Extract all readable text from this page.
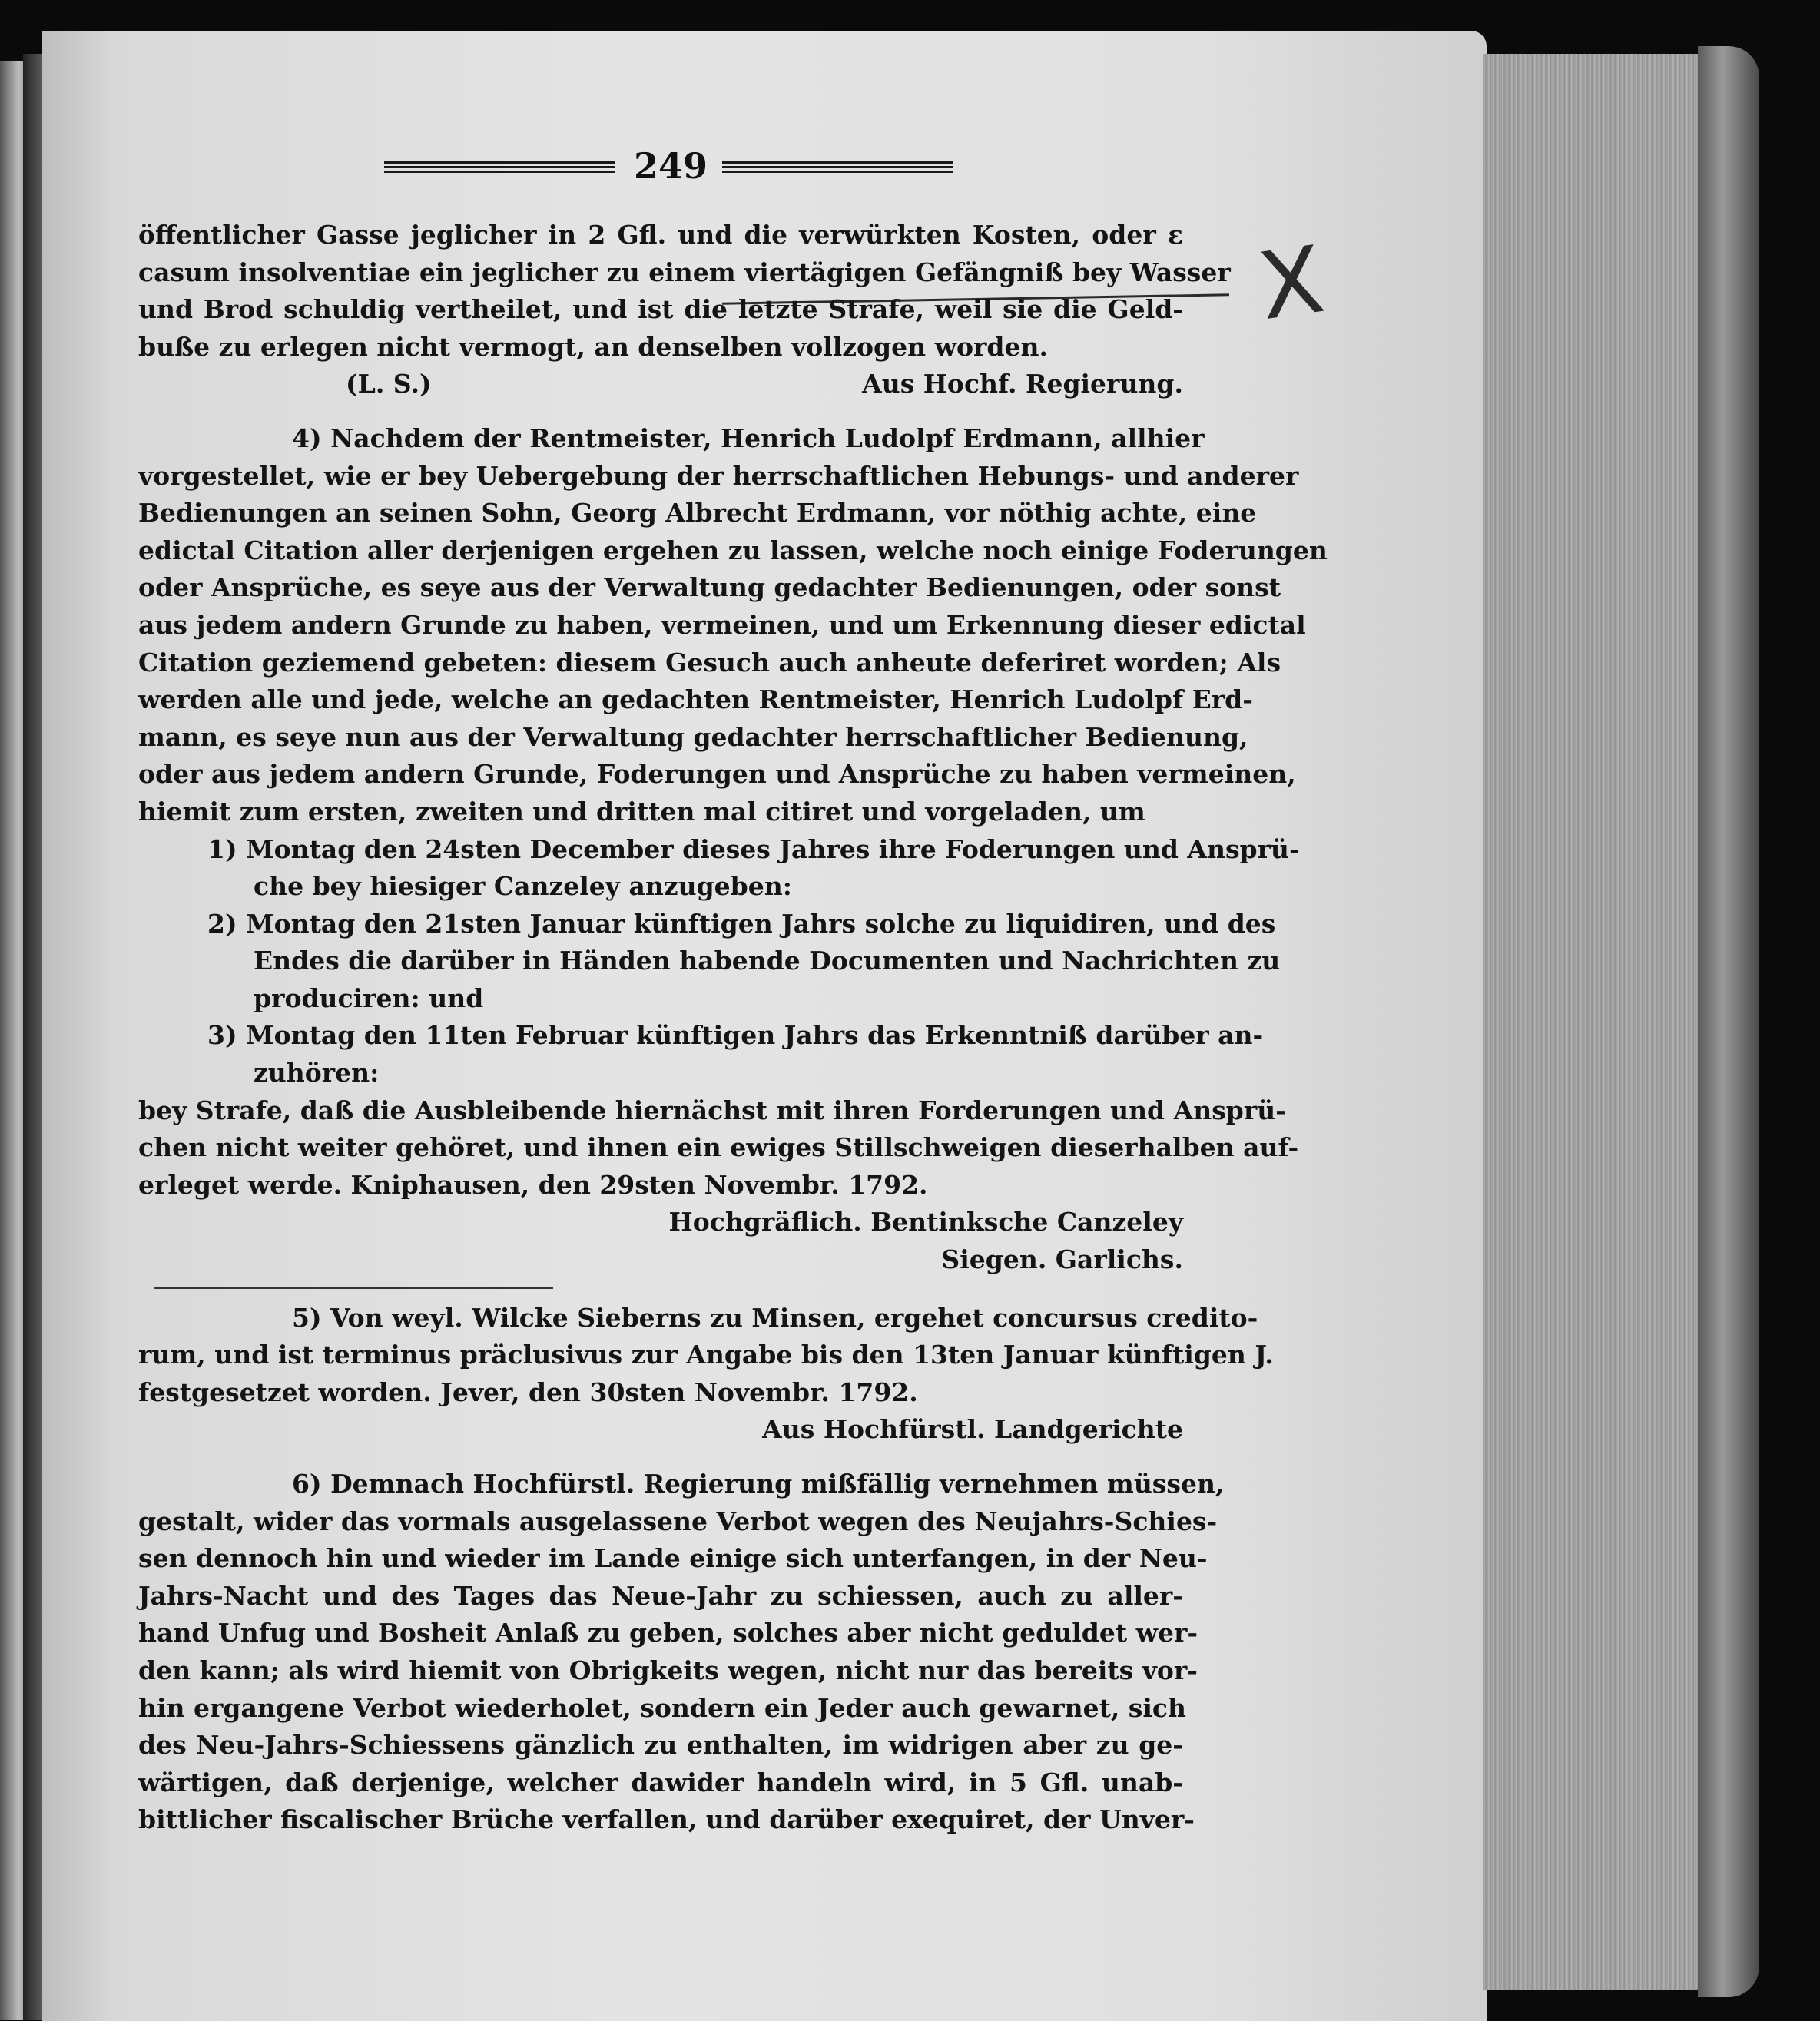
249
X
öffentlicher Gasse jeglicher in 2 Gfl. und die verwürkten Kosten, oder ɛ
casum insolventiae ein jeglicher zu einem viertägigen Gefängniß bey Wasser
und Brod schuldig vertheilet, und ist die letzte Strafe, weil sie die Geld-
buße zu erlegen nicht vermogt, an denselben vollzogen worden.
(L. S.)	Aus Hochf. Regierung.
4) Nachdem der Rentmeister, Henrich Ludolpf Erdmann, allhier
vorgestellet, wie er bey Uebergebung der herrschaftlichen Hebungs- und anderer
Bedienungen an seinen Sohn, Georg Albrecht Erdmann, vor nöthig achte, eine
edictal Citation aller derjenigen ergehen zu lassen, welche noch einige Foderungen
oder Ansprüche, es seye aus der Verwaltung gedachter Bedienungen, oder sonst
aus jedem andern Grunde zu haben, vermeinen, und um Erkennung dieser edictal
Citation geziemend gebeten: diesem Gesuch auch anheute deferiret worden; Als
werden alle und jede, welche an gedachten Rentmeister, Henrich Ludolpf Erd-
mann, es seye nun aus der Verwaltung gedachter herrschaftlicher Bedienung,
oder aus jedem andern Grunde, Foderungen und Ansprüche zu haben vermeinen,
hiemit zum ersten, zweiten und dritten mal citiret und vorgeladen, um
1) Montag den 24sten December dieses Jahres ihre Foderungen und Ansprü-
che bey hiesiger Canzeley anzugeben:
2) Montag den 21sten Januar künftigen Jahrs solche zu liquidiren, und des
Endes die darüber in Händen habende Documenten und Nachrichten zu
produciren: und
3) Montag den 11ten Februar künftigen Jahrs das Erkenntniß darüber an-
zuhören:
bey Strafe, daß die Ausbleibende hiernächst mit ihren Forderungen und Ansprü-
chen nicht weiter gehöret, und ihnen ein ewiges Stillschweigen dieserhalben auf-
erleget werde. Kniphausen, den 29sten Novembr. 1792.
Hochgräflich. Bentinksche Canzeley
Siegen. Garlichs.
5) Von weyl. Wilcke Sieberns zu Minsen, ergehet concursus credito-
rum, und ist terminus präclusivus zur Angabe bis den 13ten Januar künftigen J.
festgesetzet worden. Jever, den 30sten Novembr. 1792.
Aus Hochfürstl. Landgerichte
6) Demnach Hochfürstl. Regierung mißfällig vernehmen müssen,
gestalt, wider das vormals ausgelassene Verbot wegen des Neujahrs-Schies-
sen dennoch hin und wieder im Lande einige sich unterfangen, in der Neu-
Jahrs-Nacht und des Tages das Neue-Jahr zu schiessen, auch zu aller-
hand Unfug und Bosheit Anlaß zu geben, solches aber nicht geduldet wer-
den kann; als wird hiemit von Obrigkeits wegen, nicht nur das bereits vor-
hin ergangene Verbot wiederholet, sondern ein Jeder auch gewarnet, sich
des Neu-Jahrs-Schiessens gänzlich zu enthalten, im widrigen aber zu ge-
wärtigen, daß derjenige, welcher dawider handeln wird, in 5 Gfl. unab-
bittlicher fiscalischer Brüche verfallen, und darüber exequiret, der Unver-
